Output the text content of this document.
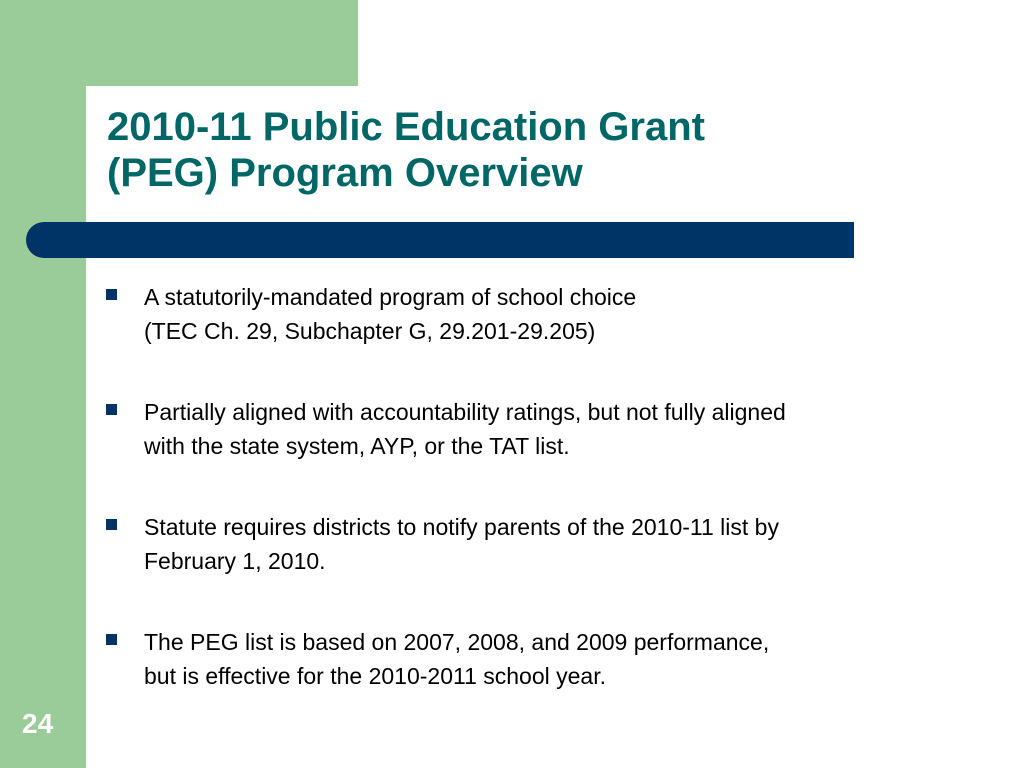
2010-11 Public Education Grant
(PEG) Program Overview
A statutorily-mandated program of school choice
(TEC Ch. 29, Subchapter G, 29.201-29.205)
Partially aligned with accountability ratings, but not fully aligned
with the state system, AYP, or the TAT list.
Statute requires districts to notify parents of the 2010-11 list by
February 1, 2010.
The PEG list is based on 2007, 2008, and 2009 performance,
but is effective for the 2010-2011 school year.
24
